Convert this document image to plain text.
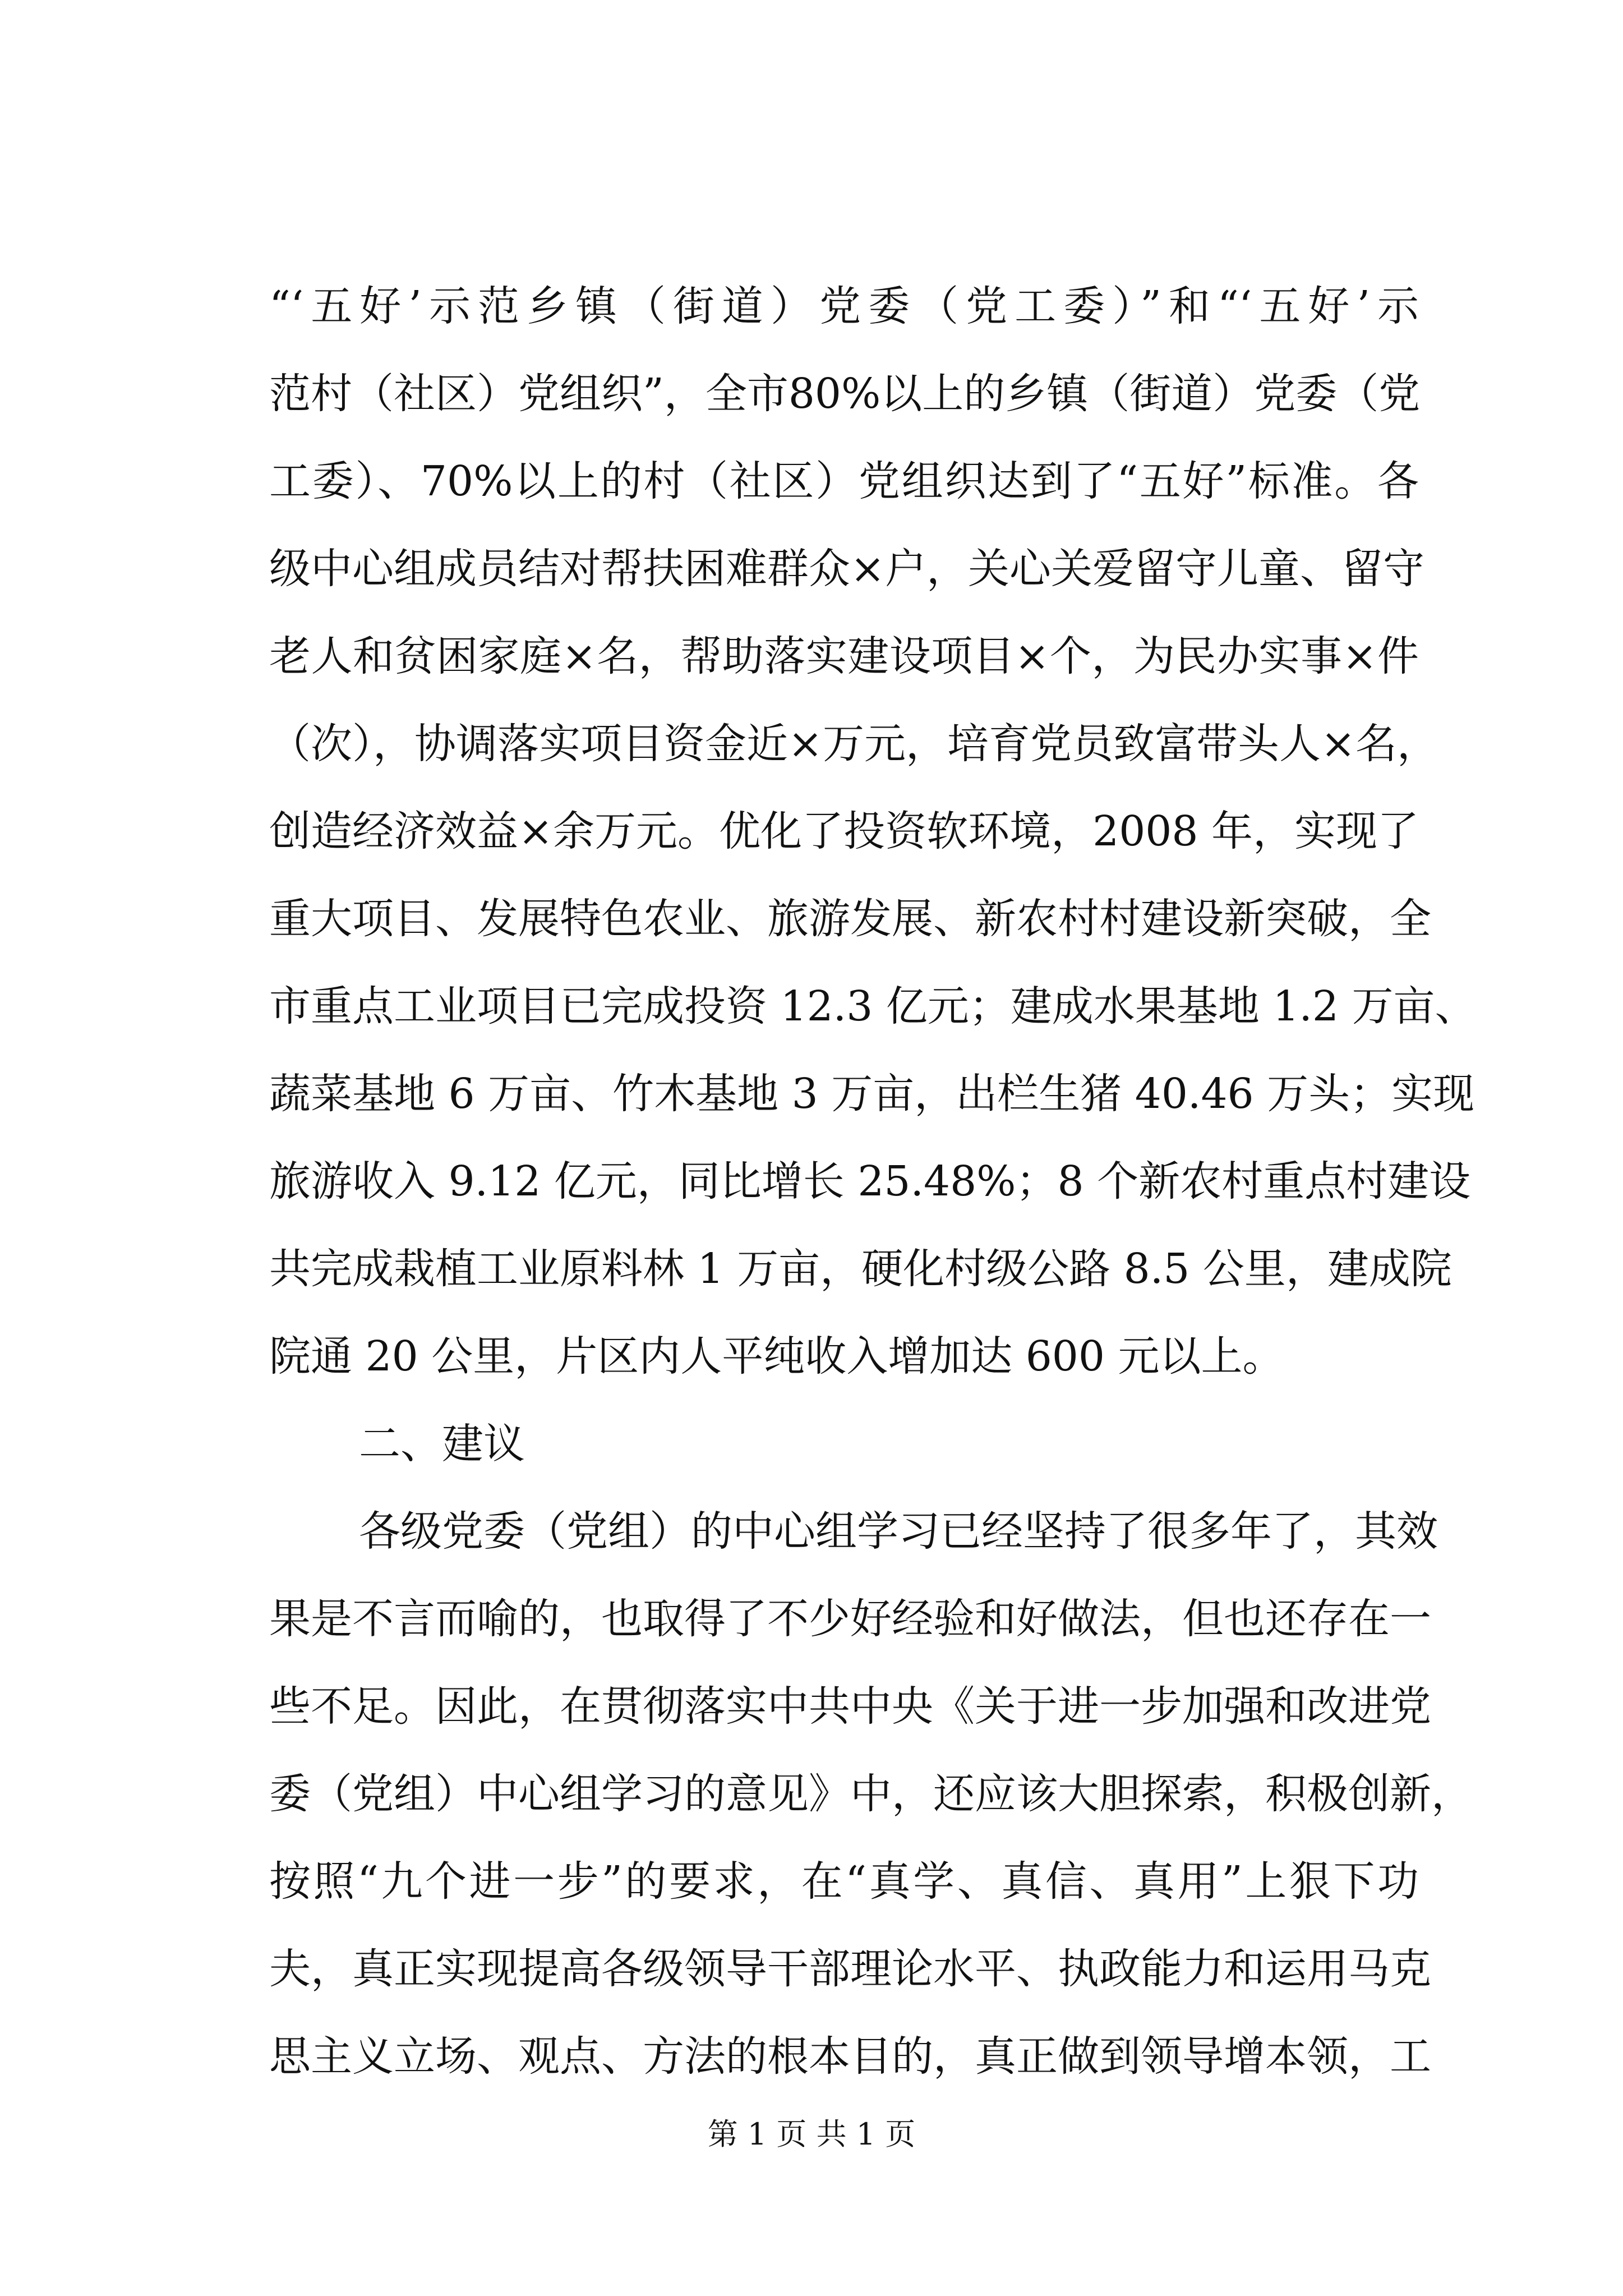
“‘五好’示范乡镇（街道）党委（党工委）”和“‘五好’示
范村（社区）党组织”，全市80%以上的乡镇（街道）党委（党
工委）、70%以上的村（社区）党组织达到了“五好”标准。各
级中心组成员结对帮扶困难群众×户，关心关爱留守儿童、留守
老人和贫困家庭×名，帮助落实建设项目×个，为民办实事×件
（次），协调落实项目资金近×万元，培育党员致富带头人×名，
创造经济效益×余万元。优化了投资软环境，2008 年，实现了
重大项目、发展特色农业、旅游发展、新农村村建设新突破，全
市重点工业项目已完成投资 12.3 亿元；建成水果基地 1.2 万亩、
蔬菜基地 6 万亩、竹木基地 3 万亩，出栏生猪 40.46 万头；实现
旅游收入 9.12 亿元，同比增长 25.48%；8 个新农村重点村建设
共完成栽植工业原料林 1 万亩，硬化村级公路 8.5 公里，建成院
院通 20 公里，片区内人平纯收入增加达 600 元以上。
二、建议
各级党委（党组）的中心组学习已经坚持了很多年了，其效
果是不言而喻的，也取得了不少好经验和好做法，但也还存在一
些不足。因此，在贯彻落实中共中央《关于进一步加强和改进党
委（党组）中心组学习的意见》中，还应该大胆探索，积极创新，
按照“九个进一步”的要求，在“真学、真信、真用”上狠下功
夫，真正实现提高各级领导干部理论水平、执政能力和运用马克
思主义立场、观点、方法的根本目的，真正做到领导增本领，工
第 1 页 共 1 页
